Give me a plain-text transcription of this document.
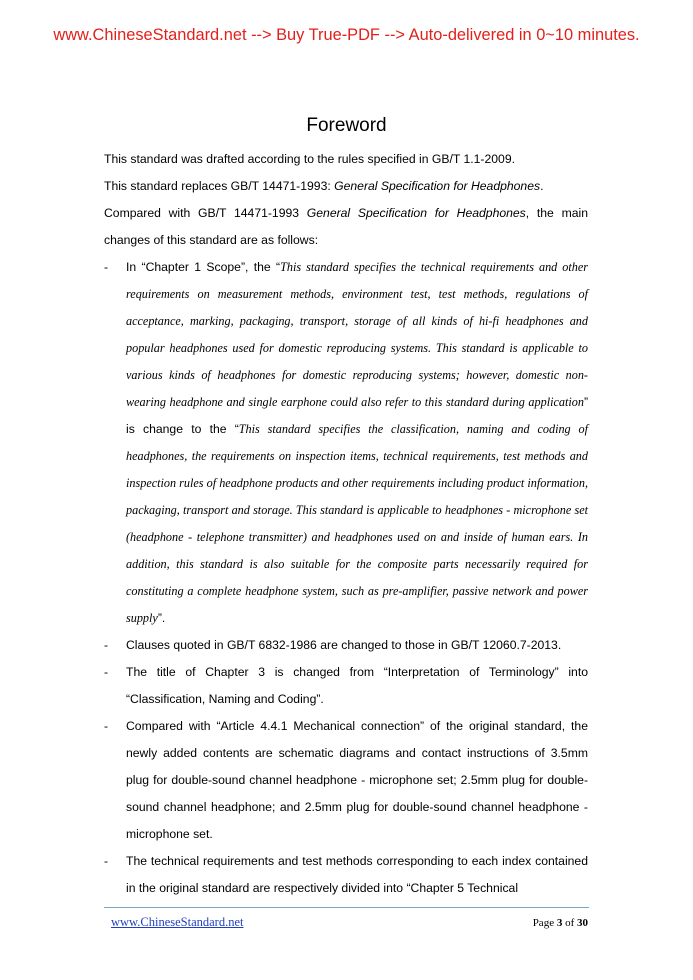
www.ChineseStandard.net --> Buy True-PDF --> Auto-delivered in 0~10 minutes.
Foreword

This standard was drafted according to the rules specified in GB/T 1.1-2009.

This standard replaces GB/T 14471-1993: General Specification for Headphones.

Compared with GB/T 14471-1993 General Specification for Headphones, the main changes of this standard are as follows:

- In “Chapter 1 Scope”, the “This standard specifies the technical requirements and other requirements on measurement methods, environment test, test methods, regulations of acceptance, marking, packaging, transport, storage of all kinds of hi-fi headphones and popular headphones used for domestic reproducing systems. This standard is applicable to various kinds of headphones for domestic reproducing systems; however, domestic non-wearing headphone and single earphone could also refer to this standard during application” is change to the “This standard specifies the classification, naming and coding of headphones, the requirements on inspection items, technical requirements, test methods and inspection rules of headphone products and other requirements including product information, packaging, transport and storage. This standard is applicable to headphones - microphone set (headphone - telephone transmitter) and headphones used on and inside of human ears. In addition, this standard is also suitable for the composite parts necessarily required for constituting a complete headphone system, such as pre-amplifier, passive network and power supply”.
- Clauses quoted in GB/T 6832-1986 are changed to those in GB/T 12060.7-2013.
- The title of Chapter 3 is changed from “Interpretation of Terminology” into “Classification, Naming and Coding”.
- Compared with “Article 4.4.1 Mechanical connection” of the original standard, the newly added contents are schematic diagrams and contact instructions of 3.5mm plug for double-sound channel headphone - microphone set; 2.5mm plug for double-sound channel headphone; and 2.5mm plug for double-sound channel headphone - microphone set.
- The technical requirements and test methods corresponding to each index contained in the original standard are respectively divided into “Chapter 5 Technical
www.ChineseStandard.net	Page 3 of 30
